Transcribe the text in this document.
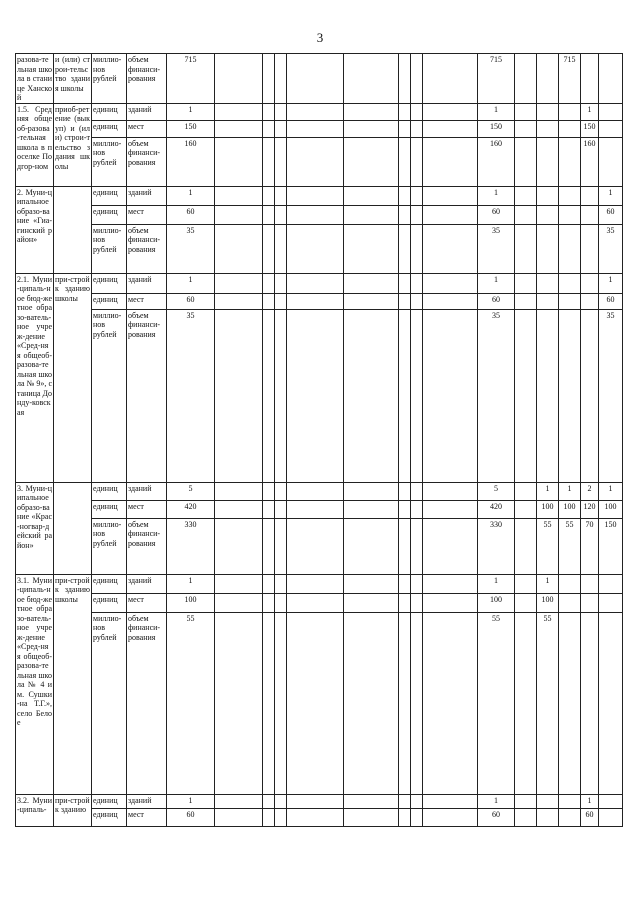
3
разова-тельная школа в станице Ханской	и (или) строи-тельство здания школы	миллио-нов рублей	объем финанси-рования	715									715			715		
1.5. Средняя общеоб-разова-тельная школа в поселке Подгор-ном	приоб-ретение (выкуп) и (или) строи-тельство здания школы	единиц	зданий	1									1				1	
		единиц	мест	150									150				150	
		миллио-нов рублей	объем финанси-рования	160									160				160	
2. Муни-ципальное образо-вание «Гиа-гинский район»		единиц	зданий	1									1					1
		единиц	мест	60									60					60
		миллио-нов рублей	объем финанси-рования	35									35					35
2.1. Муни-ципаль-ное бюд-жетное образо-ватель-ное учреж-дение «Сред-няя общеоб-разова-тельная школа № 9», станица Донду-ковская	при-строй к зданию школы	единиц	зданий	1									1					1
		единиц	мест	60									60					60
		миллио-нов рублей	объем финанси-рования	35									35					35
3. Муни-ципальное образо-вание «Крас-ногвар-дейский район»		единиц	зданий	5									5		1	1	2	1
		единиц	мест	420									420		100	100	120	100
		миллио-нов рублей	объем финанси-рования	330									330		55	55	70	150
3.1. Муни-ципаль-ное бюд-жетное образо-ватель-ное учреж-дение «Сред-няя общеоб-разова-тельная школа № 4 им. Сушки-на Т.Г.», село Белое	при-строй к зданию школы	единиц	зданий	1									1		1			
		единиц	мест	100									100		100			
		миллио-нов рублей	объем финанси-рования	55									55		55			
3.2. Муни-ципаль-	при-строй к зданию	единиц	зданий	1									1				1	
		единиц	мест	60									60				60	
